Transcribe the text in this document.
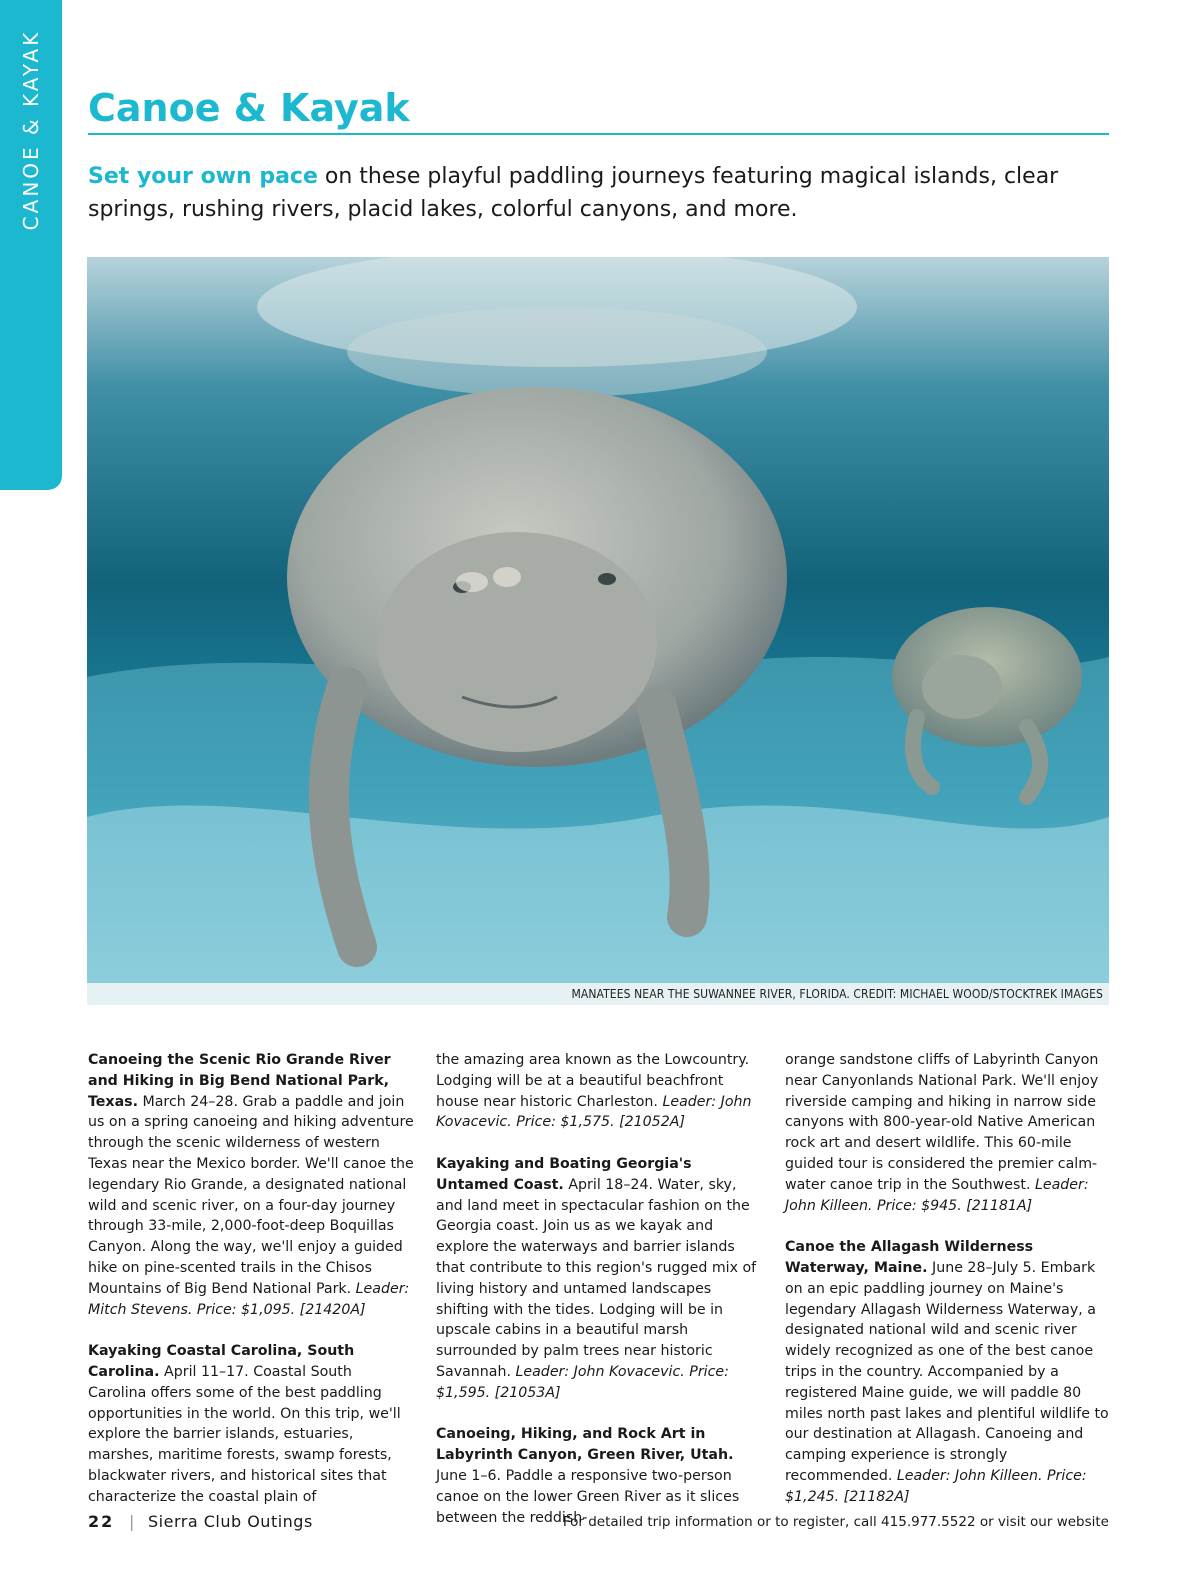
CANOE & KAYAK Canoe & Kayak

Set your own pace on these playful paddling journeys featuring magical islands, clear springs, rushing rivers, placid lakes, colorful canyons, and more.

MANATEES NEAR THE SUWANNEE RIVER, FLORIDA. CREDIT: MICHAEL WOOD/STOCKTREK IMAGES

Canoeing the Scenic Rio Grande River and Hiking in Big Bend National Park, Texas. March 24–28. Grab a paddle and join us on a spring canoeing and hiking adventure through the scenic wilderness of western Texas near the Mexico border. We'll canoe the legendary Rio Grande, a designated national wild and scenic river, on a four-day journey through 33-mile, 2,000-foot-deep Boquillas Canyon. Along the way, we'll enjoy a guided hike on pine-scented trails in the Chisos Mountains of Big Bend National Park. Leader: Mitch Stevens. Price: $1,095. [21420A]

Kayaking Coastal Carolina, South Carolina. April 11–17. Coastal South Carolina offers some of the best paddling opportunities in the world. On this trip, we'll explore the barrier islands, estuaries, marshes, maritime forests, swamp forests, blackwater rivers, and historical sites that characterize the coastal plain of

the amazing area known as the Lowcountry. Lodging will be at a beautiful beachfront house near historic Charleston. Leader: John Kovacevic. Price: $1,575. [21052A]

Kayaking and Boating Georgia's Untamed Coast. April 18–24. Water, sky, and land meet in spectacular fashion on the Georgia coast. Join us as we kayak and explore the waterways and barrier islands that contribute to this region's rugged mix of living history and untamed landscapes shifting with the tides. Lodging will be in upscale cabins in a beautiful marsh surrounded by palm trees near historic Savannah. Leader: John Kovacevic. Price: $1,595. [21053A]

Canoeing, Hiking, and Rock Art in Labyrinth Canyon, Green River, Utah. June 1–6. Paddle a responsive two-person canoe on the lower Green River as it slices between the reddish-

orange sandstone cliffs of Labyrinth Canyon near Canyonlands National Park. We'll enjoy riverside camping and hiking in narrow side canyons with 800-year-old Native American rock art and desert wildlife. This 60-mile guided tour is considered the premier calm-water canoe trip in the Southwest. Leader: John Killeen. Price: $945. [21181A]

Canoe the Allagash Wilderness Waterway, Maine. June 28–July 5. Embark on an epic paddling journey on Maine's legendary Allagash Wilderness Waterway, a designated national wild and scenic river widely recognized as one of the best canoe trips in the country. Accompanied by a registered Maine guide, we will paddle 80 miles north past lakes and plentiful wildlife to our destination at Allagash. Canoeing and camping experience is strongly recommended. Leader: John Killeen. Price: $1,245. [21182A]

22 | Sierra Club Outings	For detailed trip information or to register, call 415.977.5522 or visit our website
